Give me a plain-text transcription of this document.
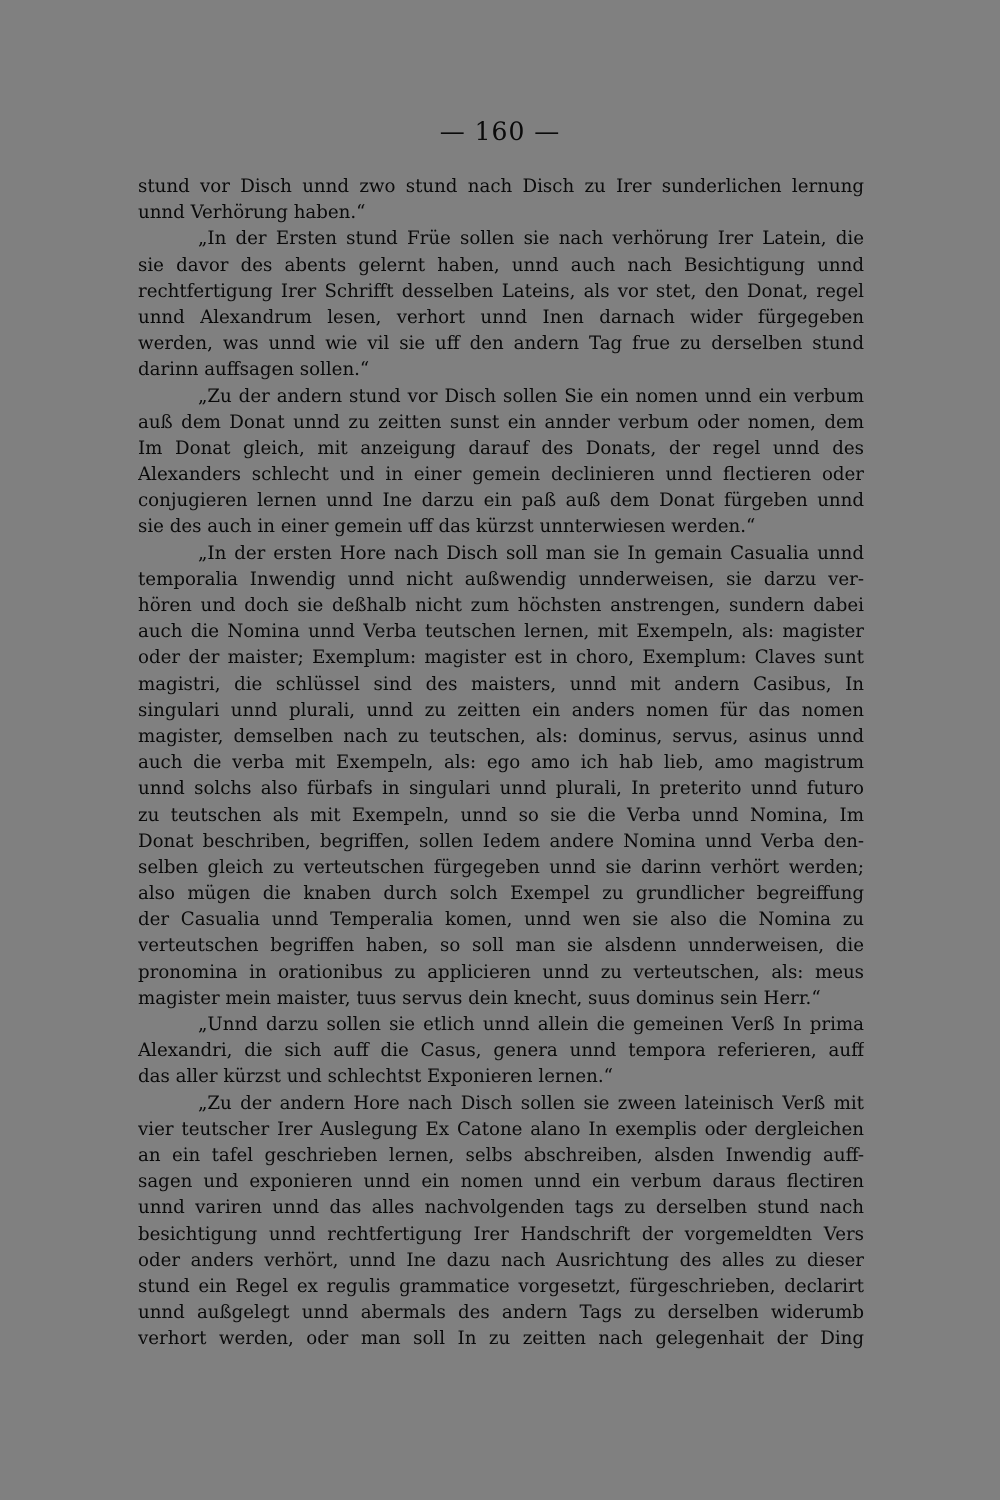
— 160 —
stund vor Disch unnd zwo stund nach Disch zu Irer sunderlichen lernung
unnd Verhörung haben.“
„In der Ersten stund Früe sollen sie nach verhörung Irer Latein, die
sie davor des abents gelernt haben, unnd auch nach Besichtigung unnd
rechtfertigung Irer Schrifft desselben Lateins, als vor stet, den Donat, regel
unnd Alexandrum lesen, verhort unnd Inen darnach wider fürgegeben
werden, was unnd wie vil sie uff den andern Tag frue zu derselben stund
darinn auffsagen sollen.“
„Zu der andern stund vor Disch sollen Sie ein nomen unnd ein verbum
auß dem Donat unnd zu zeitten sunst ein annder verbum oder nomen, dem
Im Donat gleich, mit anzeigung darauf des Donats, der regel unnd des
Alexanders schlecht und in einer gemein declinieren unnd flectieren oder
conjugieren lernen unnd Ine darzu ein paß auß dem Donat fürgeben unnd
sie des auch in einer gemein uff das kürzst unnterwiesen werden.“
„In der ersten Hore nach Disch soll man sie In gemain Casualia unnd
temporalia Inwendig unnd nicht außwendig unnderweisen, sie darzu ver-
hören und doch sie deßhalb nicht zum höchsten anstrengen, sundern dabei
auch die Nomina unnd Verba teutschen lernen, mit Exempeln, als: magister
oder der maister; Exemplum: magister est in choro, Exemplum: Claves sunt
magistri, die schlüssel sind des maisters, unnd mit andern Casibus, In
singulari unnd plurali, unnd zu zeitten ein anders nomen für das nomen
magister, demselben nach zu teutschen, als: dominus, servus, asinus unnd
auch die verba mit Exempeln, als: ego amo ich hab lieb, amo magistrum
unnd solchs also fürbafs in singulari unnd plurali, In preterito unnd futuro
zu teutschen als mit Exempeln, unnd so sie die Verba unnd Nomina, Im
Donat beschriben, begriffen, sollen Iedem andere Nomina unnd Verba den-
selben gleich zu verteutschen fürgegeben unnd sie darinn verhört werden;
also mügen die knaben durch solch Exempel zu grundlicher begreiffung
der Casualia unnd Temperalia komen, unnd wen sie also die Nomina zu
verteutschen begriffen haben, so soll man sie alsdenn unnderweisen, die
pronomina in orationibus zu applicieren unnd zu verteutschen, als: meus
magister mein maister, tuus servus dein knecht, suus dominus sein Herr.“
„Unnd darzu sollen sie etlich unnd allein die gemeinen Verß In prima
Alexandri, die sich auff die Casus, genera unnd tempora referieren, auff
das aller kürzst und schlechtst Exponieren lernen.“
„Zu der andern Hore nach Disch sollen sie zween lateinisch Verß mit
vier teutscher Irer Auslegung Ex Catone alano In exemplis oder dergleichen
an ein tafel geschrieben lernen, selbs abschreiben, alsden Inwendig auff-
sagen und exponieren unnd ein nomen unnd ein verbum daraus flectiren
unnd variren unnd das alles nachvolgenden tags zu derselben stund nach
besichtigung unnd rechtfertigung Irer Handschrift der vorgemeldten Vers
oder anders verhört, unnd Ine dazu nach Ausrichtung des alles zu dieser
stund ein Regel ex regulis grammatice vorgesetzt, fürgeschrieben, declarirt
unnd außgelegt unnd abermals des andern Tags zu derselben widerumb
verhort werden, oder man soll In zu zeitten nach gelegenhait der Ding
